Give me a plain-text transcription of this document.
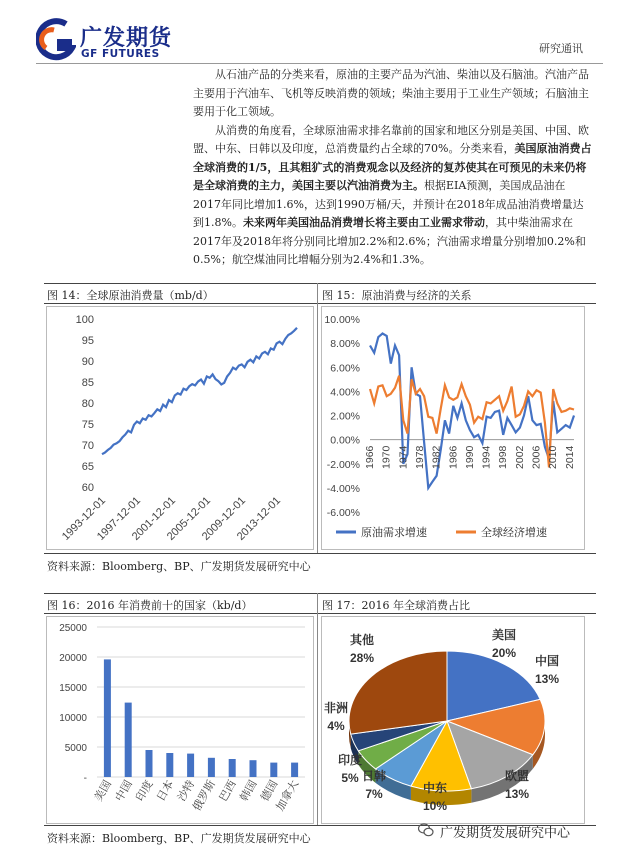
广发期货
GF FUTURES	研究通讯

从石油产品的分类来看，原油的主要产品为汽油、柴油以及石脑油。汽油产品主要用于汽油车、飞机等反映消费的领域；柴油主要用于工业生产领域；石脑油主要用于化工领域。

从消费的角度看，全球原油需求排名靠前的国家和地区分别是美国、中国、欧盟、中东、日韩以及印度，总消费量约占全球的70%。分类来看，美国原油消费占全球消费的1/5，且其粗犷式的消费观念以及经济的复苏使其在可预见的未来仍将是全球消费的主力，美国主要以汽油消费为主。根据EIA预测，美国成品油在2017年同比增加1.6%，达到1990万桶/天，并预计在2018年成品油消费增量达到1.8%。未来两年美国油品消费增长将主要由工业需求带动，其中柴油需求在2017年及2018年将分别同比增加2.2%和2.6%；汽油需求增量分别增加0.2%和0.5%；航空煤油同比增幅分别为2.4%和1.3%。

图 14：全球原油消费量（mb/d）	图 15：原油消费与经济的关系
60
65
70
75
80
85
90
95
100
1993-12-01
1997-12-01
2001-12-01
2005-12-01
2009-12-01
2013-12-01
10.00%
8.00%
6.00%
4.00%
2.00%
0.00%
-2.00%
-4.00%
-6.00%
1966 1970 1974 1978 1982 1986 1990 1994 1998 2002 2006 2010 2014
原油需求增速	全球经济增速
资料来源：Bloomberg、BP、广发期货发展研究中心
图 16：2016 年消费前十的国家（kb/d）	图 17：2016 年全球消费占比
25000
20000
15000
10000
5000
- 美国 中国 印度 日本 沙特
俄罗斯 巴西 韩国 德国
加拿大
美国
20%
中国
13%
欧盟
13%
中东
10%
日韩
7%
印度
5%
非洲
4%
其他
28%
资料来源：Bloomberg、BP、广发期货发展研究中心	广发期货发展研究中心
